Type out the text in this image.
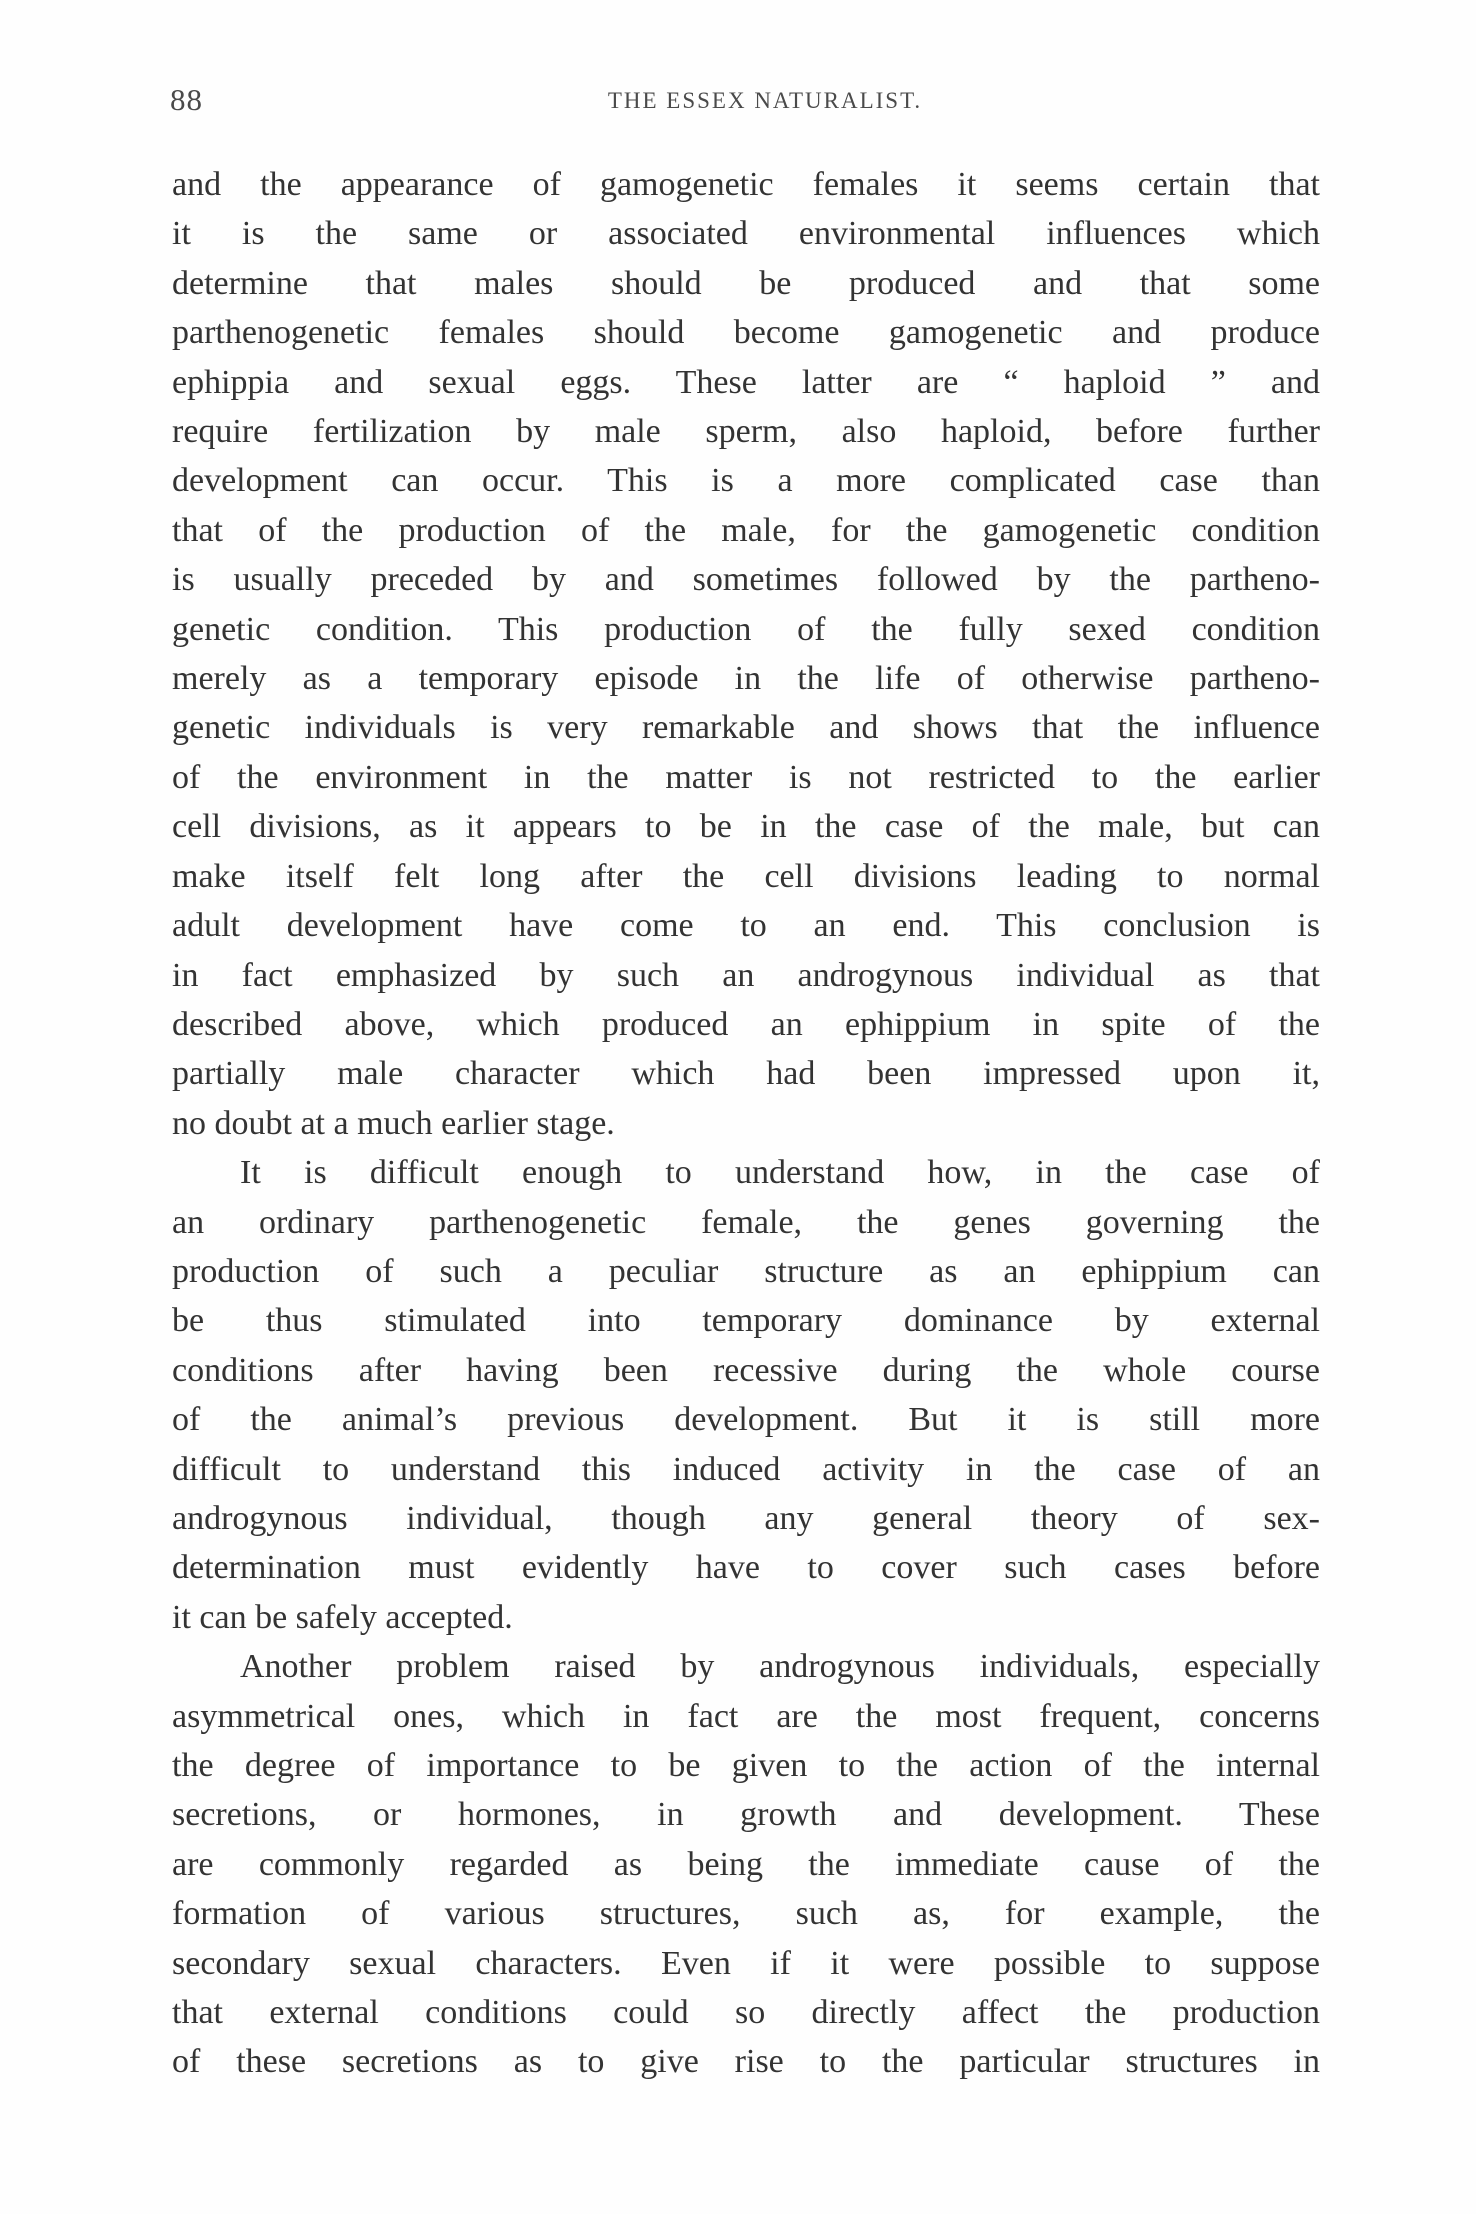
88	THE ESSEX NATURALIST.
and the appearance of gamogenetic females it seems certain that
it is the same or associated environmental influences which
determine that males should be produced and that some
parthenogenetic females should become gamogenetic and produce
ephippia and sexual eggs. These latter are “ haploid ” and
require fertilization by male sperm, also haploid, before further
development can occur. This is a more complicated case than
that of the production of the male, for the gamogenetic condition
is usually preceded by and sometimes followed by the partheno-
genetic condition. This production of the fully sexed condition
merely as a temporary episode in the life of otherwise partheno-
genetic individuals is very remarkable and shows that the influence
of the environment in the matter is not restricted to the earlier
cell divisions, as it appears to be in the case of the male, but can
make itself felt long after the cell divisions leading to normal
adult development have come to an end. This conclusion is
in fact emphasized by such an androgynous individual as that
described above, which produced an ephippium in spite of the
partially male character which had been impressed upon it,
no doubt at a much earlier stage.
It is difficult enough to understand how, in the case of
an ordinary parthenogenetic female, the genes governing the
production of such a peculiar structure as an ephippium can
be thus stimulated into temporary dominance by external
conditions after having been recessive during the whole course
of the animal’s previous development. But it is still more
difficult to understand this induced activity in the case of an
androgynous individual, though any general theory of sex-
determination must evidently have to cover such cases before
it can be safely accepted.
Another problem raised by androgynous individuals, especially
asymmetrical ones, which in fact are the most frequent, concerns
the degree of importance to be given to the action of the internal
secretions, or hormones, in growth and development. These
are commonly regarded as being the immediate cause of the
formation of various structures, such as, for example, the
secondary sexual characters. Even if it were possible to suppose
that external conditions could so directly affect the production
of these secretions as to give rise to the particular structures in
